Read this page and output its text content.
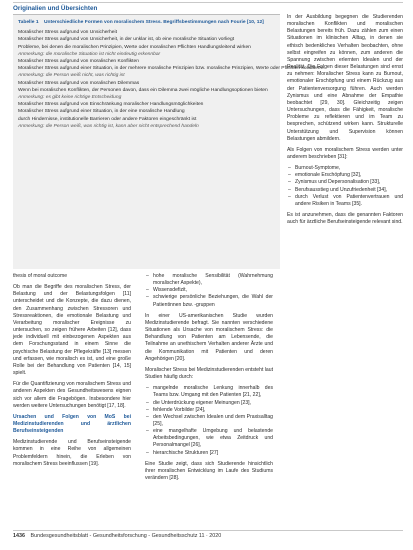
Originalien und Übersichten
Tabelle 1 Unterschiedliche Formen von moralischem Stress. Begriffsbestimmungen nach Fourie [10, 12]
Moralischer Stress aufgrund von Unsicherheit
Moralischer Stress aufgrund von Unsicherheit, in der unklar ist, ob eine moralische Situation vorliegt
Probleme, bei denen die moralischen Prinzipien, Werte oder moralischen Pflichten Handlungsleitend wirken
Anmerkung: die moralische Situation ist nicht eindeutig erkennbar
Moralischer Stress aufgrund von moralischen Konflikten
Moralischer Stress aufgrund einer Situation, in der mehrere moralische Prinzipien bzw. moralische Prinzipien, Werte oder Pflichten kollidieren
Anmerkung: die Person weiß nicht, was richtig ist
Moralischer Stress aufgrund von moralischen Dilemmas
Wenn bei moralischen Konflikten, der Personen davon, dass ein Dilemma zwei mögliche Handlungsoptionen bieten
Anmerkung: es gibt keine richtige Entscheidung
Moralischer Stress aufgrund von Einschränkung moralischer Handlungsmöglichkeiten
Moralischer Stress aufgrund einer Situation, in der eine moralische Handlung
durch Hindernisse, institutionelle Barrieren oder andere Faktoren eingeschränkt ist
Anmerkung: die Person weiß, was richtig ist, kann aber nicht entsprechend handeln

thesis of moral outcome

Ob man die Begriffe des moralischen Stress, der Belastung und der Belastungsfolgen [11] unterscheidet und die Konzepte, die dazu dienen, den Zusammenhang zwischen Stressoren und Stressreaktionen, die emotionale Belastung und Verarbeitung moralischer Ereignisse zu untersuchen, so zeigen frühere Arbeiten [12], dass jede individuell mit einbezogenen Aspekten aus dem Forschungsstand in einem Sinne die psychische Belastung der Pflegekräfte [13] messen und erfassen, wie moralisch es ist, und eine große Rolle bei der Behandlung von Patienten [14, 15] spielt.

Für die Quantifizierung von moralischem Stress und anderen Aspekten des Gesundheitswesens eignen sich vor allem die Fragebögen. Insbesondere hier werden weitere Untersuchungen benötigt [17, 18].

Ursachen und Folgen von MoS bei Medizinstudierenden und ärztlichen Berufseinsteigenden

Medizinstudierende und Berufseinsteigende kommen in eine Reihe von allgemeinen Problemfeldern hinein, die Erleben von moralischem Stress beeinflussen [19].

– hohe moralische Sensibilität (Wahrnehmung moralischer Aspekte),
– Wissensdefizit,
– schwierige persönliche Beziehungen, die Wahl der Patientinnen bzw. -gruppen

In einer US-amerikanischen Studie wurden Medizinstudierende befragt. Sie nannten verschiedene Situationen als Ursache von moralischem Stress: die Behandlung von Patienten am Lebensende, die Teilnahme an unethischem Verhalten anderer Ärzte und die Kommunikation mit Patienten und deren Angehörigen [20].

Moralischer Stress bei Medizinstudierenden entsteht laut Studien häufig durch:

– mangelnde moralische Lenkung innerhalb des Teams bzw. Umgang mit den Patienten [21, 22],
– die Unterdrückung eigener Meinungen [23],
– fehlende Vorbilder [24],
– den Wechsel zwischen Idealen und dem Praxisalltag [25],
– eine mangelhafte Umgebung und belastende Arbeitsbedingungen, wie etwa Zeitdruck und Personalmangel [26],
– hierarchische Strukturen [27]

Eine Studie zeigt, dass sich Studierende hinsichtlich ihrer moralischen Entwicklung im Laufe des Studiums verändern [28].

In der Ausbildung begegnen die Studierenden moralischen Konflikten und moralischen Belastungen bereits früh. Dazu zählen zum einen Situationen im klinischen Alltag, in denen sie ethisch bedenkliches Verhalten beobachten, ohne selbst eingreifen zu können, zum anderen die Spannung zwischen erlernten Idealen und der Realität. Die Folgen dieser Belastungen sind ernst zu nehmen: Moralischer Stress kann zu Burnout, emotionaler Erschöpfung und einem Rückzug aus der Patientenversorgung führen. Auch werden Zynismus und eine Abnahme der Empathie beobachtet [29, 30]. Gleichzeitig zeigen Untersuchungen, dass die Fähigkeit, moralische Probleme zu reflektieren und im Team zu besprechen, schützend wirken kann. Strukturelle Unterstützung und Supervision können Belastungen abmildern.

Als Folgen von moralischem Stress werden unter anderem beschrieben [31]:

– Burnout-Symptome,
– emotionale Erschöpfung [32],
– Zynismus und Depersonalisation [33],
– Berufsausstieg und Unzufriedenheit [34],
– durch Verlust von Patientenvertrauen und andere Risiken in Teams [35].

Es ist anzunehmen, dass die genannten Faktoren auch für ärztliche Berufseinsteigende relevant sind.

1436 Bundesgesundheitsblatt - Gesundheitsforschung - Gesundheitsschutz 11 · 2020
